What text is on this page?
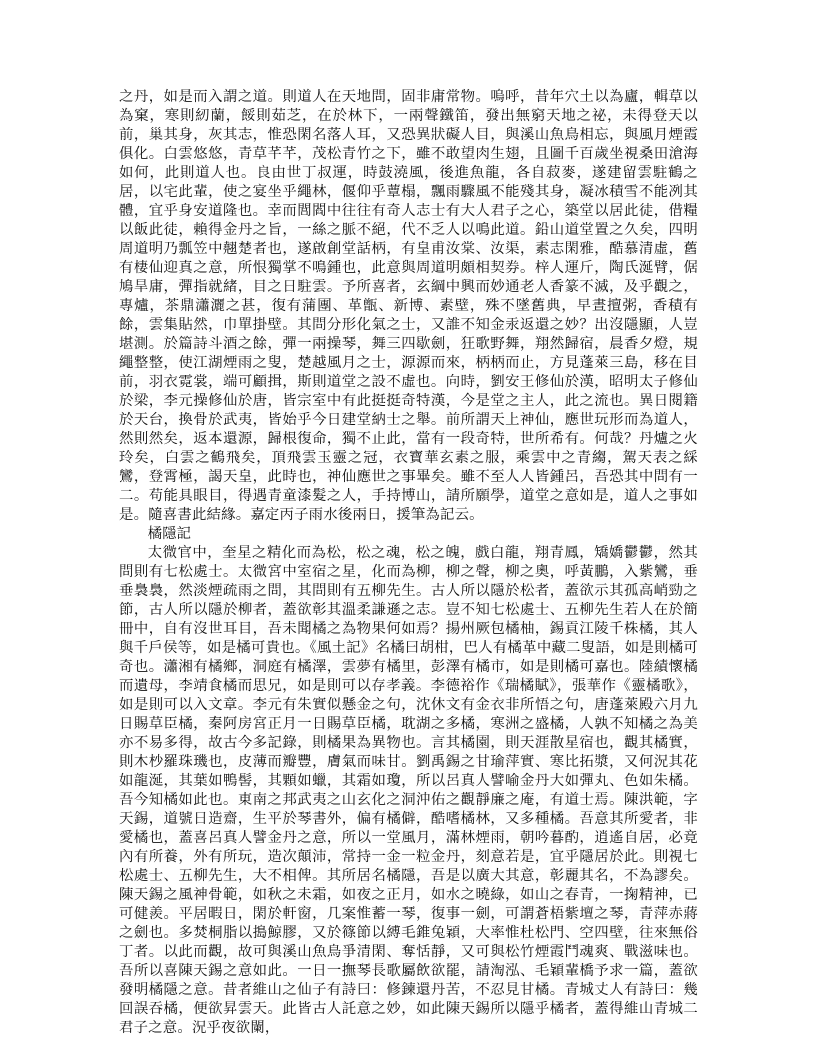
之丹，如是而入謂之道。則道人在天地問，固非庸常物。嗚呼，昔年穴土以為廬，輯草以為窠，寒則紉蘭，餒則茹芝，在於林下，一兩聲鐵笛，發出無窮天地之祕，未得登天以前，巢其身，灰其志，惟恐閑名落人耳，又恐異狀礙人目，與溪山魚鳥相忘，與風月煙霞俱化。白雲悠悠，青草芊芊，茂松青竹之下，雖不敢望肉生翅，且圖千百歲坐視桑田滄海如何，此則道人也。良由世丁叔運，時鼓澆風，後進魚龍，各自菽麥，遂建留雲駐鶴之居，以宅此輩，使之宴坐乎繩林，偃仰乎蕈榻，飄雨驟風不能殘其身，凝冰積雪不能冽其體，宜乎身安道隆也。幸而閭閻中往往有奇人志士有大人君子之心，築堂以居此徒，借糧以飯此徒，賴得金丹之旨，一絲之脈不絕，代不乏人以鳴此道。鉛山道堂置之久矣，四明周道明乃瓢笠中翹楚者也，遂啟創堂話柄，有皇甫汝棠、汝渠，素志閑雅，酷慕清虛，舊有棲仙迎真之意，所恨獨掌不鳴鍾也，此意與周道明頗相契券。梓人運斤，陶氏涎臂，倨鳩旱庸，彈指就緒，目之日駐雲。予所喜者，玄綱中興而妙通老人香篆不滅，及乎觀之，專爐，茶鼎瀟灑之甚，復有蒲團、革甑、新博、素壁，殊不墜舊典，早晝擅粥，香積有餘，雲集貼然，巾單掛壁。其問分形化氣之士，又誰不知金汞返還之妙？出沒隱顯，人豈堪測。於篇詩斗酒之餘，彈一兩操琴，舞三四歇劍，狂歌野舞，翔然歸宿，晨香夕燈，規繩整整，使江湖煙雨之叟，楚越風月之士，源源而來，柄柄而止，方見蓬萊三島，移在目前，羽衣霓裳，端可顧揖，斯則道堂之設不虛也。向時，劉安王修仙於漢，昭明太子修仙於梁，李元操修仙於唐，皆宗室中有此挺挺奇特漢，今是堂之主人，此之流也。異日閱籍於天台，換骨於武夷，皆始乎今日建堂納士之舉。前所謂天上神仙，應世玩形而為道人，然則然矣，返本還源，歸根復命，獨不止此，當有一段奇特，世所希有。何哉？丹爐之火玲矣，白雲之鶴飛矣，頂飛雲玉靈之冠，衣寶華玄素之服，乘雲中之青縐，駕天表之綵鸞，登霄極，謁天皇，此時也，神仙應世之事畢矣。雖不至人人皆鍾呂，吾恐其中問有一二。苟能具眼目，得遇青童漆髮之人，手持博山，請所願學，道堂之意如是，道人之事如是。隨喜書此結緣。嘉定丙子雨水後兩日，援筆為記云。

橘隱記

太微官中，奎星之精化而為松，松之魂，松之魄，戲白龍，翔青鳳，矯嬌鬱鬱，然其問則有七松處士。太微宮中室宿之星，化而為柳，柳之聲，柳之奧，呼黃鵬，入紫鸞，垂垂裊裊，然淡煙疏雨之問，其問則有五柳先生。古人所以隱於松者，蓋欲示其孤高峭勁之節，古人所以隱於柳者，蓋欲彰其溫柔謙遜之志。豈不知七松處士、五柳先生若人在於簡冊中，自有沒世耳目，吾未聞橘之為物果何如焉？揚州厥包橘柚，錫貢江陵千株橘，其人與千戶侯等，如是橘可貴也。《風土記》名橘曰胡柑，巴人有橘革中藏二叟語，如是則橘可奇也。瀟湘有橘鄉，洞庭有橘澤，雲夢有橘里，彭澤有橘市，如是則橘可嘉也。陸績懷橘而遺母，李靖食橘而思兄，如是則可以存孝義。李德裕作《瑞橘賦》，張華作《靈橘歌》，如是則可以入文章。李元有朱實似懸金之句，沈休文有金衣非所悟之句，唐蓬萊殿六月九日賜草臣橘，秦阿房宮正月一日賜草臣橘，耽湖之多橘，寒洲之盛橘，人孰不知橘之為美亦不易多得，故古今多記錄，則橘果為異物也。言其橘園，則天涯散星宿也，觀其橘實，則木杪羅珠璣也，皮薄而瓣豐，膚氣而味甘。劉禹錫之甘瑜萍實、寒比拓漿，又何況其花如龍涎，其葉如鴨髻，其顆如蠟，其霜如瓊，所以呂真人譬喻金丹大如彈丸、色如朱橘。吾今知橘如此也。東南之邦武夷之山玄化之洞沖佑之觀靜廉之庵，有道士焉。陳洪範，字天錫，道號日造齋，生平於琴書外，偏有橘僻，酷嗜橘林，又多種橘。吾意其所愛者，非愛橘也，蓋喜呂真人譬金丹之意，所以一堂風月，滿林煙雨，朝吟暮酌，逍遙自居，必竟內有所養，外有所玩，造次顛沛，常持一金一粒金丹，刻意若是，宜乎隱居於此。則視七松處士、五柳先生，大不相俾。其所居名橘隱，吾是以廣大其意，彰麗其名，不為謬矣。陳天錫之風神骨範，如秋之未霜，如夜之正月，如水之曉綠，如山之春青，一掬精神，已可健羨。平居暇日，閑於軒窗，几案惟蓄一琴，復事一劍，可謂蒼梧紫壇之琴，青萍赤蔣之劍也。多焚桐脂以搗鯨膠，又於篠節以縛毛錐兔穎，大率惟杜松門、空四壁，往來無俗丁者。以此而觀，故可與溪山魚鳥爭清閑、奪恬靜，又可與松竹煙霞鬥魂爽、戰滋味也。吾所以喜陳天錫之意如此。一日一撫琴長歌屬飲欲罷，請淘泓、毛穎輩橋予求一篇，蓋欲發明橘隱之意。昔者維山之仙子有詩曰：修鍊還丹苦，不忍見甘橘。青城丈人有詩曰：幾回誤吞橘，便欲昇雲天。此皆古人託意之妙，如此陳天錫所以隱乎橘者，蓋得維山青城二君子之意。況乎夜欲闌，
